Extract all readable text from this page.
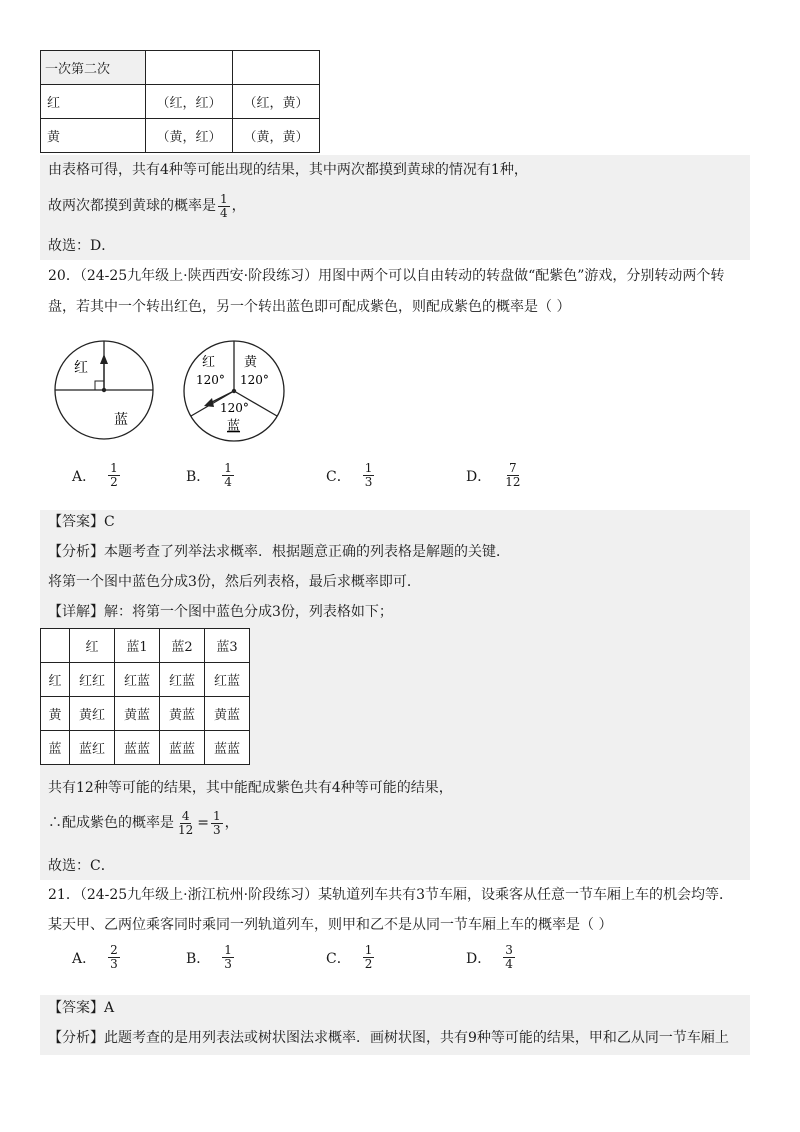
一次第二次		
红	（红，红）	（红，黄）
黄	（黄，红）	（黄，黄）
由表格可得，共有4种等可能出现的结果，其中两次都摸到黄球的情况有1种，
故两次都摸到黄球的概率是 $\frac{1}{4}$ ，
故选：D．
20．（24-25九年级上·陕西西安·阶段练习）用图中两个可以自由转动的转盘做“配紫色”游戏，分别转动两个转
盘，若其中一个转出红色，另一个转出蓝色即可配成紫色，则配成紫色的概率是（ ）
红
蓝
红
120°
黄
120°
120°
蓝
A． $\frac{1}{2}$	B． $\frac{1}{4}$	C． $\frac{1}{3}$	D． $\frac{7}{12}$
【答案】C
【分析】本题考查了列举法求概率．根据题意正确的列表格是解题的关键．
将第一个图中蓝色分成3份，然后列表格，最后求概率即可．
【详解】解：将第一个图中蓝色分成3份，列表格如下；
	红	蓝1	蓝2	蓝3
红	红红	红蓝	红蓝	红蓝
黄	黄红	黄蓝	黄蓝	黄蓝
蓝	蓝红	蓝蓝	蓝蓝	蓝蓝
共有12种等可能的结果，其中能配成紫色共有4种等可能的结果，
∴配成紫色的概率是 $\frac{4}{12} = \frac{1}{3}$ ，
故选：C．
21．（24-25九年级上·浙江杭州·阶段练习）某轨道列车共有3节车厢，设乘客从任意一节车厢上车的机会均等．
某天甲、乙两位乘客同时乘同一列轨道列车，则甲和乙不是从同一节车厢上车的概率是（ ）
A． $\frac{2}{3}$	B． $\frac{1}{3}$	C． $\frac{1}{2}$	D． $\frac{3}{4}$
【答案】A
【分析】此题考查的是用列表法或树状图法求概率．画树状图，共有9种等可能的结果，甲和乙从同一节车厢上
